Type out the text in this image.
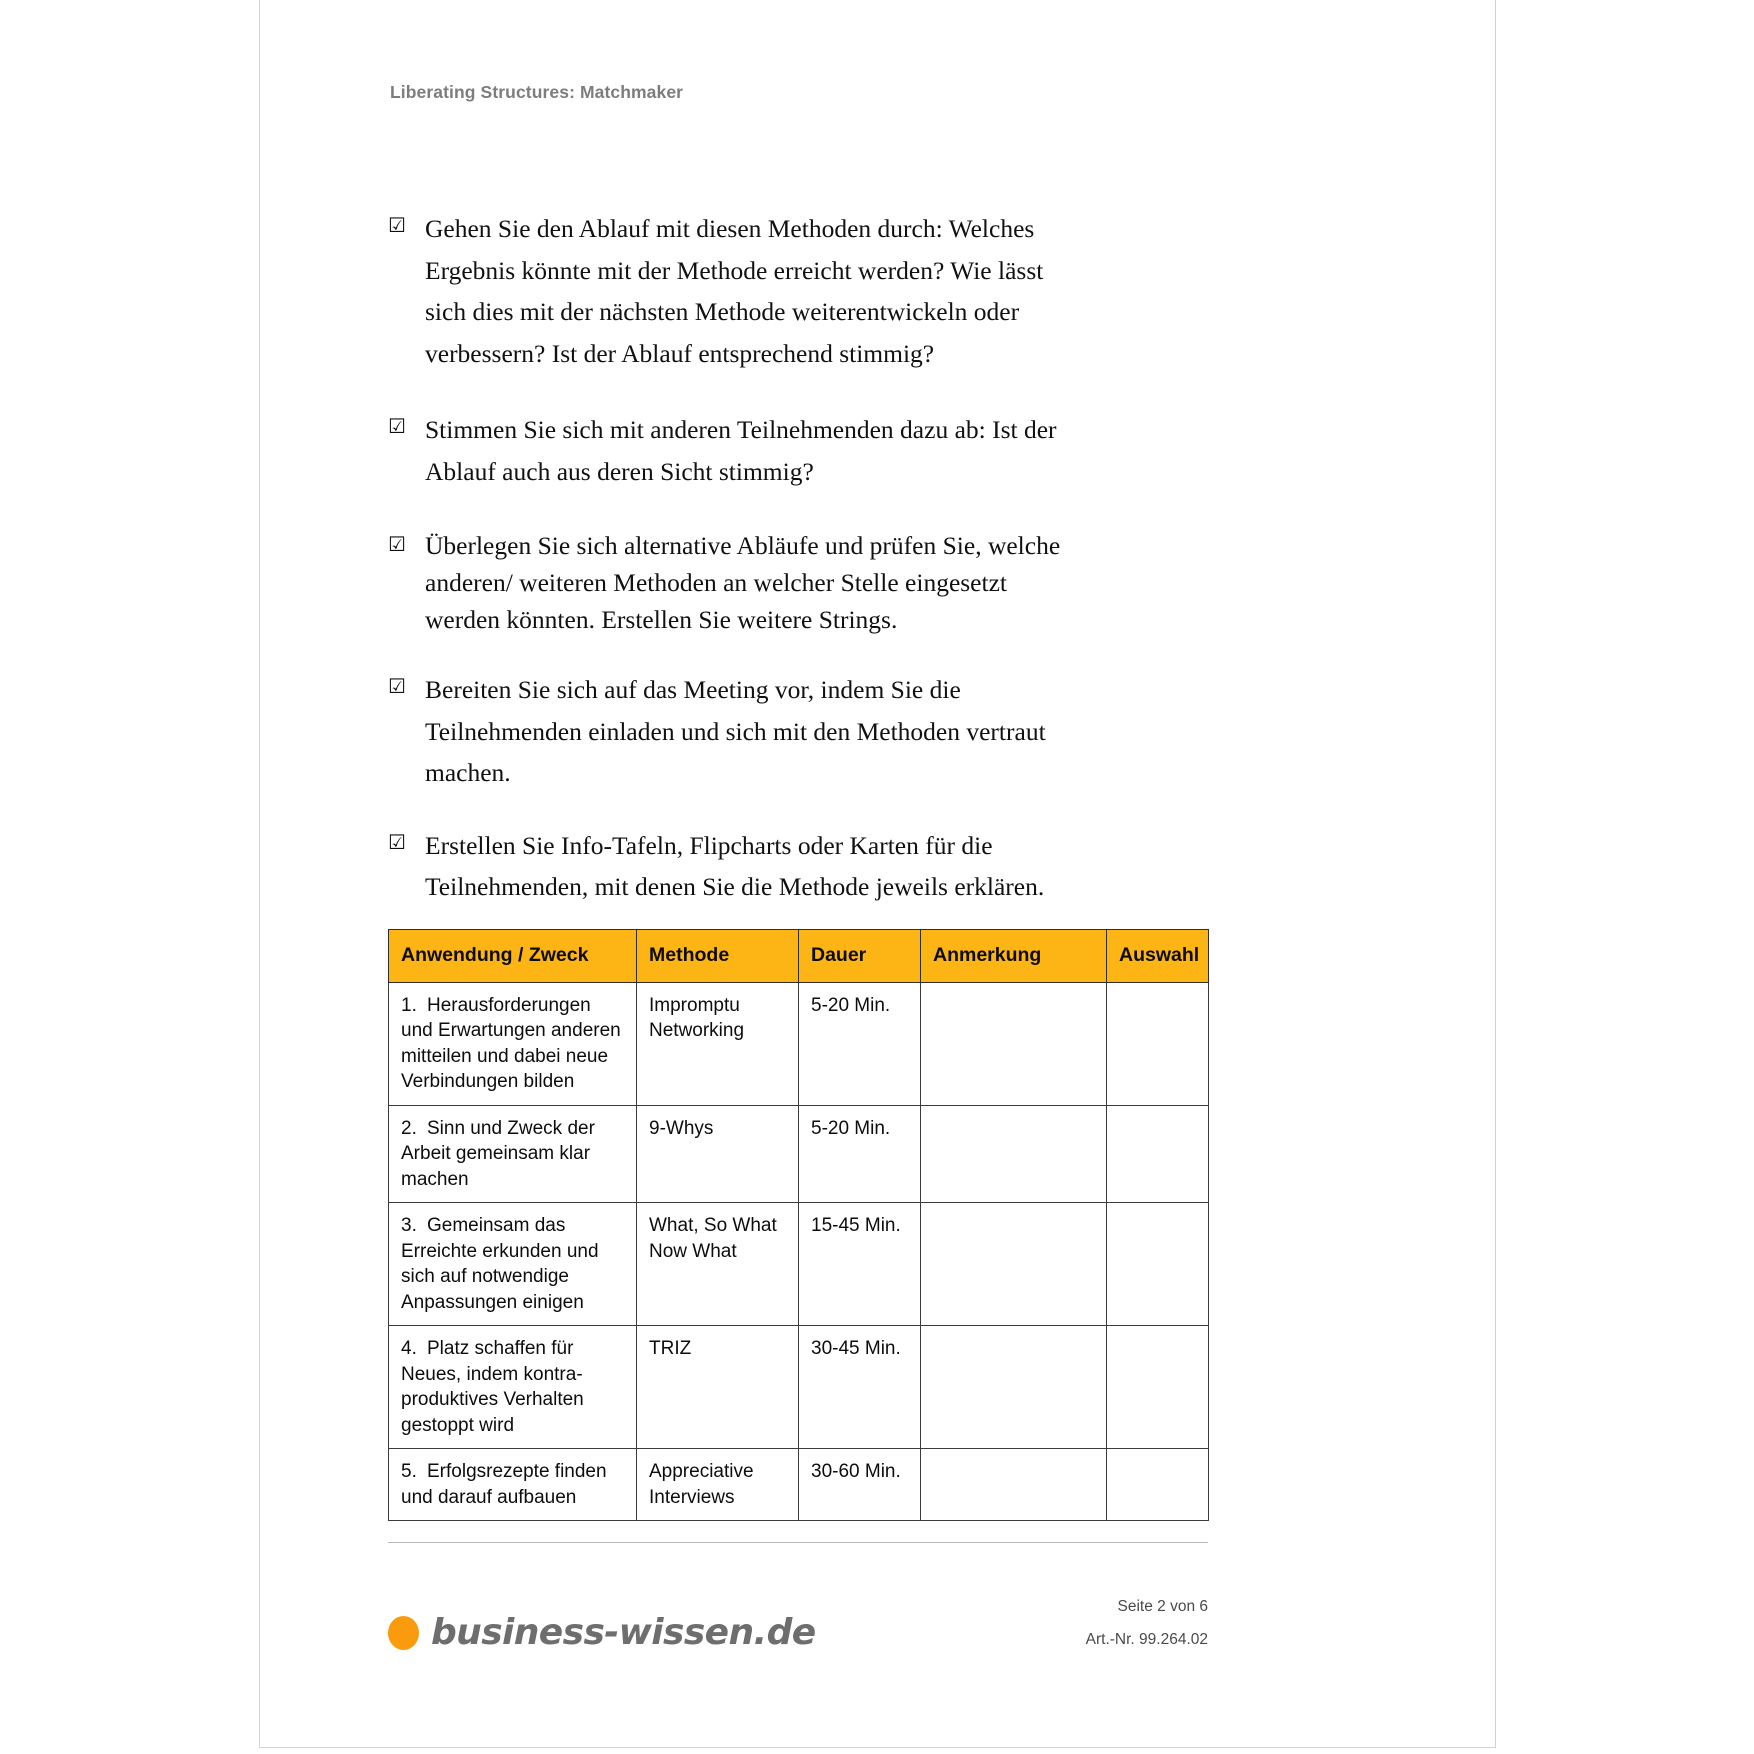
Liberating Structures: Matchmaker
☑ Gehen Sie den Ablauf mit diesen Methoden durch: Welches Ergebnis könnte mit der Methode erreicht werden? Wie lässt sich dies mit der nächsten Methode weiterentwickeln oder verbessern? Ist der Ablauf entsprechend stimmig?
☑ Stimmen Sie sich mit anderen Teilnehmenden dazu ab: Ist der Ablauf auch aus deren Sicht stimmig?
☑ Überlegen Sie sich alternative Abläufe und prüfen Sie, welche anderen/ weiteren Methoden an welcher Stelle eingesetzt werden könnten. Erstellen Sie weitere Strings.
☑ Bereiten Sie sich auf das Meeting vor, indem Sie die Teilnehmenden einladen und sich mit den Methoden vertraut machen.
☑ Erstellen Sie Info-Tafeln, Flipcharts oder Karten für die Teilnehmenden, mit denen Sie die Methode jeweils erklären.
Anwendung / Zweck	Methode	Dauer	Anmerkung	Auswahl
1. Herausforderungen und Erwartungen anderen mitteilen und dabei neue Verbindungen bilden	Impromptu Networking	5-20 Min.		
2. Sinn und Zweck der Arbeit gemeinsam klar machen	9-Whys	5-20 Min.		
3. Gemeinsam das Erreichte erkunden und sich auf notwendige Anpassungen einigen	What, So What Now What	15-45 Min.		
4. Platz schaffen für Neues, indem kontra-produktives Verhalten gestoppt wird	TRIZ	30-45 Min.		
5. Erfolgsrezepte finden und darauf aufbauen	Appreciative Interviews	30-60 Min.		
business-wissen.de
Seite 2 von 6
Art.-Nr. 99.264.02
